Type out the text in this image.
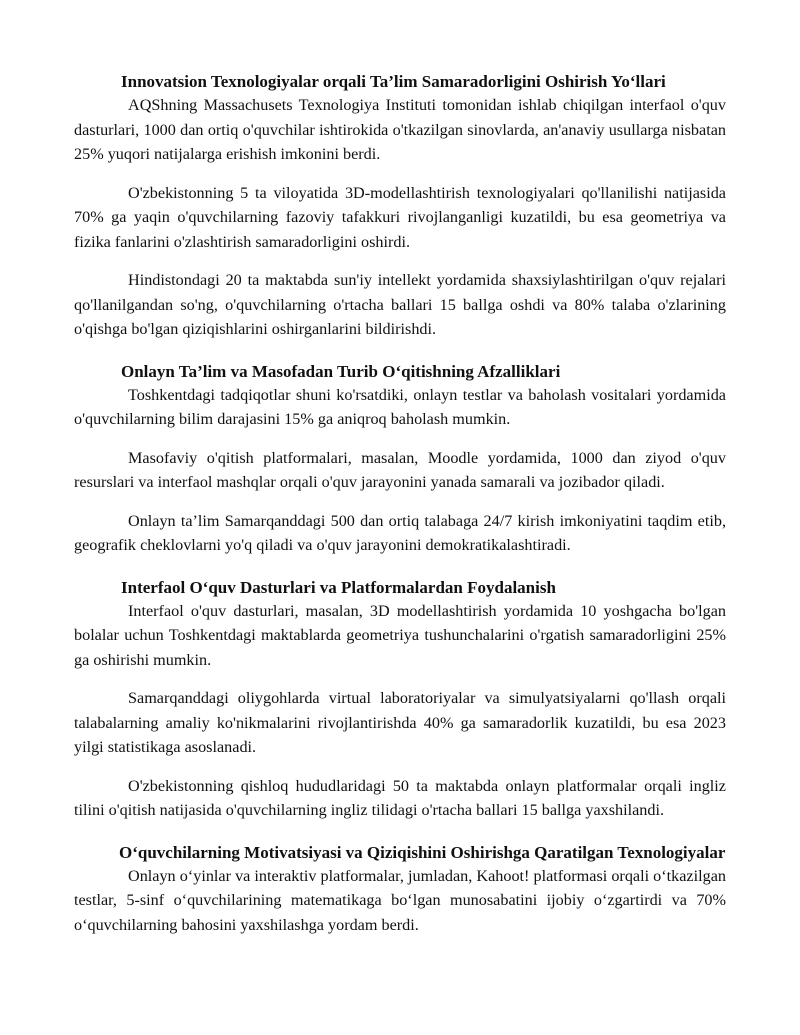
Innovatsion Texnologiyalar orqali Ta’lim Samaradorligini Oshirish Yo‘llari

AQShning Massachusets Texnologiya Instituti tomonidan ishlab chiqilgan interfaol o'quv dasturlari, 1000 dan ortiq o'quvchilar ishtirokida o'tkazilgan sinovlarda, an'anaviy usullarga nisbatan 25% yuqori natijalarga erishish imkonini berdi.

O'zbekistonning 5 ta viloyatida 3D-modellashtirish texnologiyalari qo'llanilishi natijasida 70% ga yaqin o'quvchilarning fazoviy tafakkuri rivojlanganligi kuzatildi, bu esa geometriya va fizika fanlarini o'zlashtirish samaradorligini oshirdi.

Hindistondagi 20 ta maktabda sun'iy intellekt yordamida shaxsiylashtirilgan o'quv rejalari qo'llanilgandan so'ng, o'quvchilarning o'rtacha ballari 15 ballga oshdi va 80% talaba o'zlarining o'qishga bo'lgan qiziqishlarini oshirganlarini bildirishdi.

Onlayn Ta’lim va Masofadan Turib O‘qitishning Afzalliklari

Toshkentdagi tadqiqotlar shuni ko'rsatdiki, onlayn testlar va baholash vositalari yordamida o'quvchilarning bilim darajasini 15% ga aniqroq baholash mumkin.

Masofaviy o'qitish platformalari, masalan, Moodle yordamida, 1000 dan ziyod o'quv resurslari va interfaol mashqlar orqali o'quv jarayonini yanada samarali va jozibador qiladi.

Onlayn ta’lim Samarqanddagi 500 dan ortiq talabaga 24/7 kirish imkoniyatini taqdim etib, geografik cheklovlarni yo'q qiladi va o'quv jarayonini demokratikalashtiradi.

Interfaol O‘quv Dasturlari va Platformalardan Foydalanish

Interfaol o'quv dasturlari, masalan, 3D modellashtirish yordamida 10 yoshgacha bo'lgan bolalar uchun Toshkentdagi maktablarda geometriya tushunchalarini o'rgatish samaradorligini 25% ga oshirishi mumkin.

Samarqanddagi oliygohlarda virtual laboratoriyalar va simulyatsiyalarni qo'llash orqali talabalarning amaliy ko'nikmalarini rivojlantirishda 40% ga samaradorlik kuzatildi, bu esa 2023 yilgi statistikaga asoslanadi.

O'zbekistonning qishloq hududlaridagi 50 ta maktabda onlayn platformalar orqali ingliz tilini o'qitish natijasida o'quvchilarning ingliz tilidagi o'rtacha ballari 15 ballga yaxshilandi.

O‘quvchilarning Motivatsiyasi va Qiziqishini Oshirishga Qaratilgan Texnologiyalar

Onlayn o‘yinlar va interaktiv platformalar, jumladan, Kahoot! platformasi orqali o‘tkazilgan testlar, 5-sinf o‘quvchilarining matematikaga bo‘lgan munosabatini ijobiy o‘zgartirdi va 70% o‘quvchilarning bahosini yaxshilashga yordam berdi.
